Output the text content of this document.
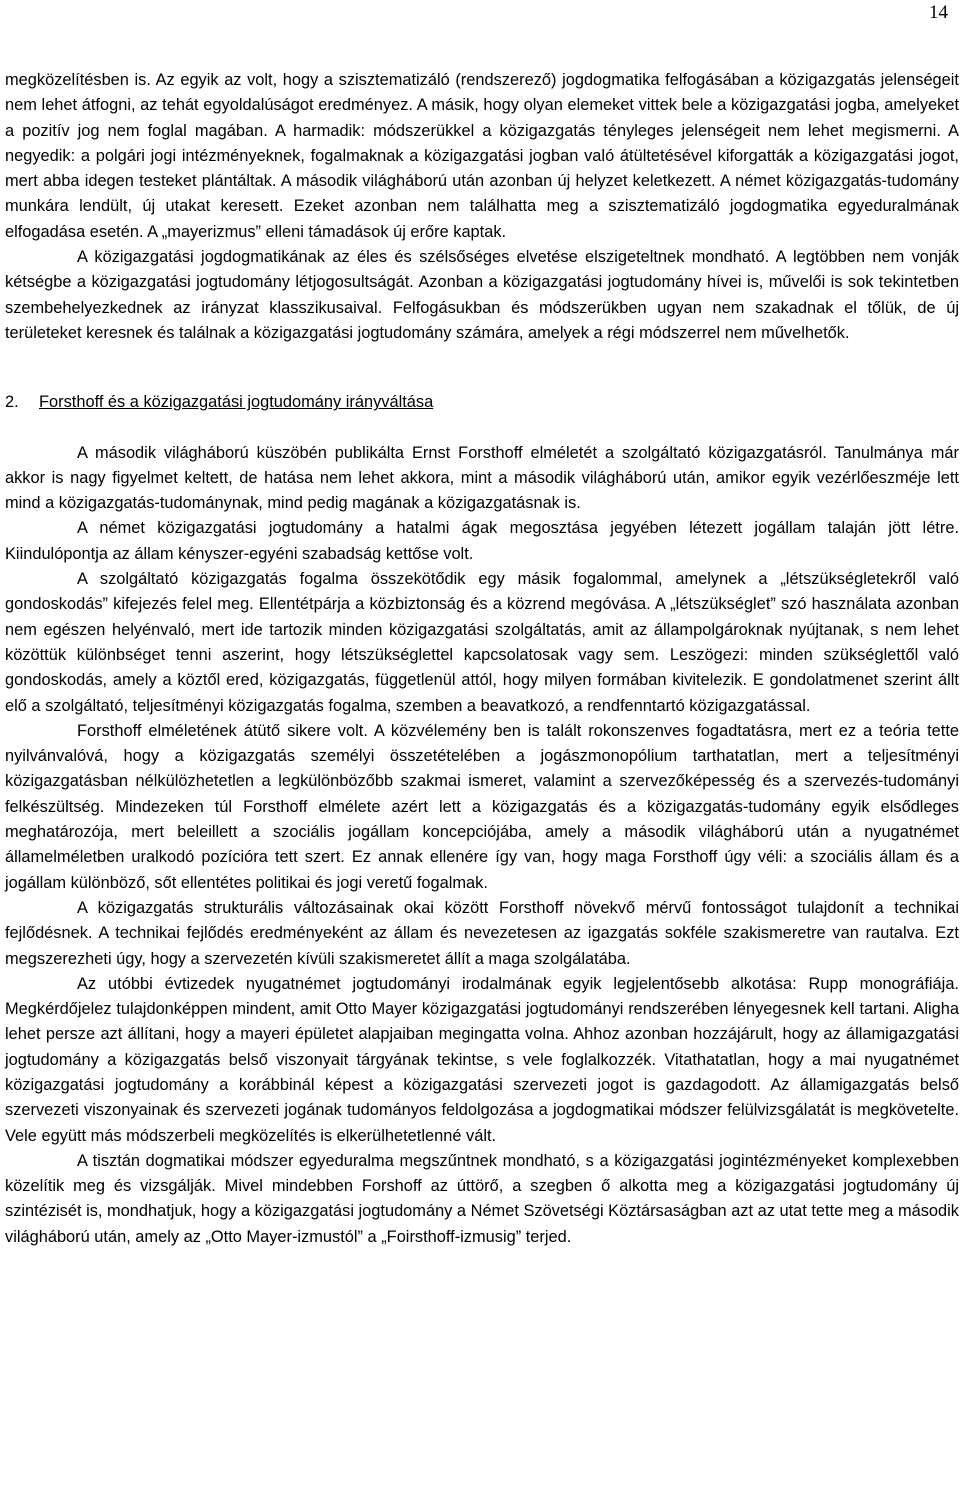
14

megközelítésben is. Az egyik az volt, hogy a szisztematizáló (rendszerező) jogdogmatika felfogásában a közigazgatás jelenségeit nem lehet átfogni, az tehát egyoldalúságot eredményez. A másik, hogy olyan elemeket vittek bele a közigazgatási jogba, amelyeket a pozitív jog nem foglal magában. A harmadik: módszerükkel a közigazgatás tényleges jelenségeit nem lehet megismerni. A negyedik: a polgári jogi intézményeknek, fogalmaknak a közigazgatási jogban való átültetésével kiforgatták a közigazgatási jogot, mert abba idegen testeket plántáltak. A második világháború után azonban új helyzet keletkezett. A német közigazgatás-tudomány munkára lendült, új utakat keresett. Ezeket azonban nem találhatta meg a szisztematizáló jogdogmatika egyeduralmának elfogadása esetén. A „mayerizmus” elleni támadások új erőre kaptak.

A közigazgatási jogdogmatikának az éles és szélsőséges elvetése elszigeteltnek mondható. A legtöbben nem vonják kétségbe a közigazgatási jogtudomány létjogosultságát. Azonban a közigazgatási jogtudomány hívei is, művelői is sok tekintetben szembehelyezkednek az irányzat klasszikusaival. Felfogásukban és módszerükben ugyan nem szakadnak el tőlük, de új területeket keresnek és találnak a közigazgatási jogtudomány számára, amelyek a régi módszerrel nem művelhetők.

2.	Forsthoff és a közigazgatási jogtudomány irányváltása

A második világháború küszöbén publikálta Ernst Forsthoff elméletét a szolgáltató közigazgatásról. Tanulmánya már akkor is nagy figyelmet keltett, de hatása nem lehet akkora, mint a második világháború után, amikor egyik vezérlőeszméje lett mind a közigazgatás-tudománynak, mind pedig magának a közigazgatásnak is.

A német közigazgatási jogtudomány a hatalmi ágak megosztása jegyében létezett jogállam talaján jött létre. Kiindulópontja az állam kényszer-egyéni szabadság kettőse volt.

A szolgáltató közigazgatás fogalma összekötődik egy másik fogalommal, amelynek a „létszükségletekről való gondoskodás” kifejezés felel meg. Ellentétpárja a közbiztonság és a közrend megóvása. A „létszükséglet” szó használata azonban nem egészen helyénvaló, mert ide tartozik minden közigazgatási szolgáltatás, amit az állampolgároknak nyújtanak, s nem lehet közöttük különbséget tenni aszerint, hogy létszükséglettel kapcsolatosak vagy sem. Leszögezi: minden szükséglettől való gondoskodás, amely a köztől ered, közigazgatás, függetlenül attól, hogy milyen formában kivitelezik. E gondolatmenet szerint állt elő a szolgáltató, teljesítményi közigazgatás fogalma, szemben a beavatkozó, a rendfenntartó közigazgatással.

Forsthoff elméletének átütő sikere volt. A közvélemény ben is talált rokonszenves fogadtatásra, mert ez a teória tette nyilvánvalóvá, hogy a közigazgatás személyi összetételében a jogászmonopólium tarthatatlan, mert a teljesítményi közigazgatásban nélkülözhetetlen a legkülönbözőbb szakmai ismeret, valamint a szervezőképesség és a szervezés-tudományi felkészültség. Mindezeken túl Forsthoff elmélete azért lett a közigazgatás és a közigazgatás-tudomány egyik elsődleges meghatározója, mert beleillett a szociális jogállam koncepciójába, amely a második világháború után a nyugatnémet államelméletben uralkodó pozícióra tett szert. Ez annak ellenére így van, hogy maga Forsthoff úgy véli: a szociális állam és a jogállam különböző, sőt ellentétes politikai és jogi veretű fogalmak.

A közigazgatás strukturális változásainak okai között Forsthoff növekvő mérvű fontosságot tulajdonít a technikai fejlődésnek. A technikai fejlődés eredményeként az állam és nevezetesen az igazgatás sokféle szakismeretre van rautalva. Ezt megszerezheti úgy, hogy a szervezetén kívüli szakismeretet állít a maga szolgálatába.

Az utóbbi évtizedek nyugatnémet jogtudományi irodalmának egyik legjelentősebb alkotása: Rupp monográfiája. Megkérdőjelez tulajdonképpen mindent, amit Otto Mayer közigazgatási jogtudományi rendszerében lényegesnek kell tartani. Aligha lehet persze azt állítani, hogy a mayeri épületet alapjaiban megingatta volna. Ahhoz azonban hozzájárult, hogy az államigazgatási jogtudomány a közigazgatás belső viszonyait tárgyának tekintse, s vele foglalkozzék. Vitathatatlan, hogy a mai nyugatnémet közigazgatási jogtudomány a korábbinál képest a közigazgatási szervezeti jogot is gazdagodott. Az államigazgatás belső szervezeti viszonyainak és szervezeti jogának tudományos feldolgozása a jogdogmatikai módszer felülvizsgálatát is megkövetelte. Vele együtt más módszerbeli megközelítés is elkerülhetetlenné vált.

A tisztán dogmatikai módszer egyeduralma megszűntnek mondható, s a közigazgatási jogintézményeket komplexebben közelítik meg és vizsgálják. Mivel mindebben Forshoff az úttörő, a szegben ő alkotta meg a közigazgatási jogtudomány új szintézisét is, mondhatjuk, hogy a közigazgatási jogtudomány a Német Szövetségi Köztársaságban azt az utat tette meg a második világháború után, amely az „Otto Mayer-izmustól” a „Foirsthoff-izmusig” terjed.
